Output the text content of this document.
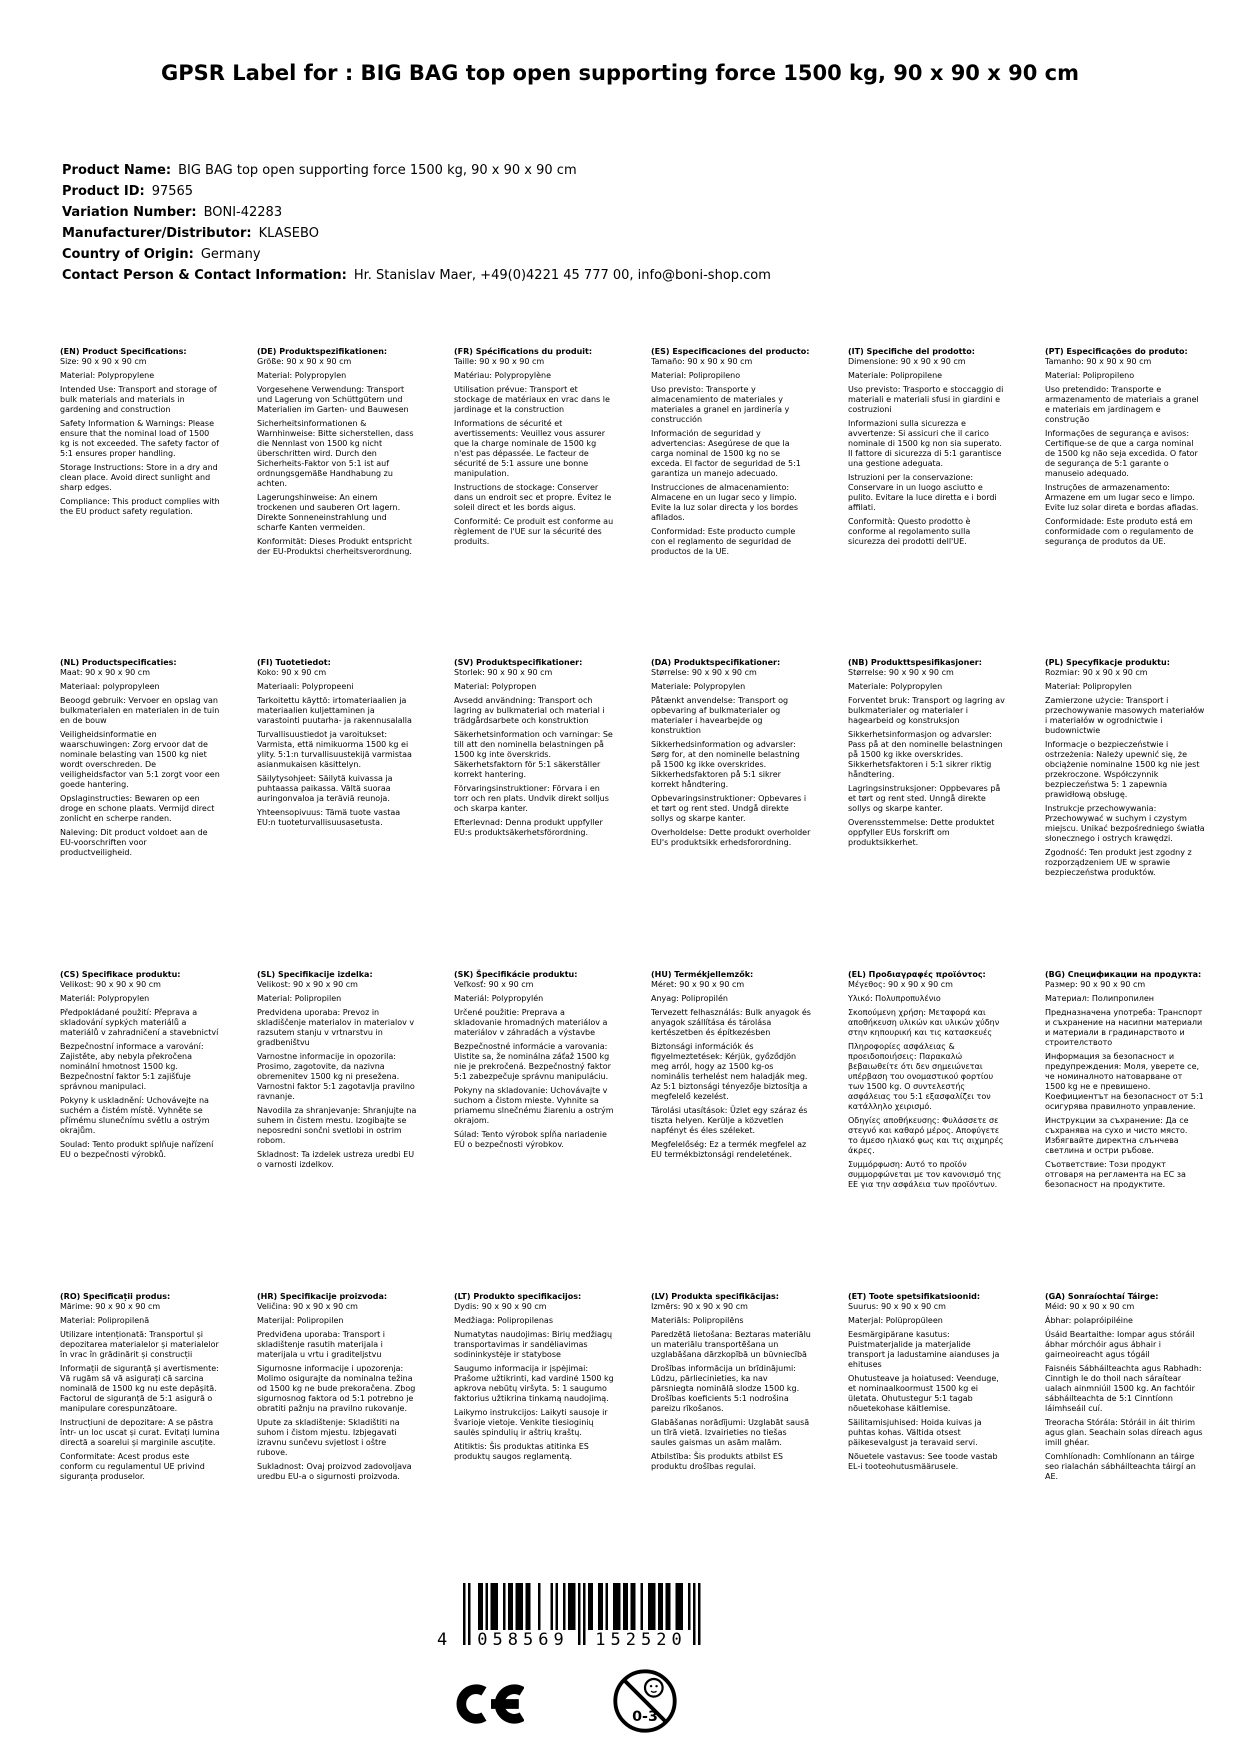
GPSR Label for : BIG BAG top open supporting force 1500 kg, 90 x 90 x 90 cm
Product Name: BIG BAG top open supporting force 1500 kg, 90 x 90 x 90 cm
Product ID: 97565
Variation Number: BONI-42283
Manufacturer/Distributor: KLASEBO
Country of Origin: Germany
Contact Person & Contact Information: Hr. Stanislav Maer, +49(0)4221 45 777 00, info@boni-shop.com
(EN) Product Specifications:

Size: 90 x 90 x 90 cm

Material: Polypropylene

Intended Use: Transport and storage of bulk materials and materials in gardening and construction

Safety Information & Warnings: Please ensure that the nominal load of 1500 kg is not exceeded. The safety factor of 5:1 ensures proper handling.

Storage Instructions: Store in a dry and clean place. Avoid direct sunlight and sharp edges.

Compliance: This product complies with the EU product safety regulation.

(DE) Produktspezifikationen:

Größe: 90 x 90 x 90 cm

Material: Polypropylen

Vorgesehene Verwendung: Transport und Lagerung von Schüttgütern und Materialien im Garten- und Bauwesen

Sicherheitsinformationen & Warnhinweise: Bitte sicherstellen, dass die Nennlast von 1500 kg nicht überschritten wird. Durch den Sicherheits-Faktor von 5:1 ist auf ordnungsgemäße Handhabung zu achten.

Lagerungshinweise: An einem trockenen und sauberen Ort lagern. Direkte Sonneneinstrahlung und scharfe Kanten vermeiden.

Konformität: Dieses Produkt entspricht der EU-Produktsi cherheitsverordnung.

(FR) Spécifications du produit:

Taille: 90 x 90 x 90 cm

Matériau: Polypropylène

Utilisation prévue: Transport et stockage de matériaux en vrac dans le jardinage et la construction

Informations de sécurité et avertissements: Veuillez vous assurer que la charge nominale de 1500 kg n'est pas dépassée. Le facteur de sécurité de 5:1 assure une bonne manipulation.

Instructions de stockage: Conserver dans un endroit sec et propre. Évitez le soleil direct et les bords aigus.

Conformité: Ce produit est conforme au règlement de l'UE sur la sécurité des produits.

(ES) Especificaciones del producto:

Tamaño: 90 x 90 x 90 cm

Material: Polipropileno

Uso previsto: Transporte y almacenamiento de materiales y materiales a granel en jardinería y construcción

Información de seguridad y advertencias: Asegúrese de que la carga nominal de 1500 kg no se exceda. El factor de seguridad de 5:1 garantiza un manejo adecuado.

Instrucciones de almacenamiento: Almacene en un lugar seco y limpio. Evite la luz solar directa y los bordes afilados.

Conformidad: Este producto cumple con el reglamento de seguridad de productos de la UE.

(IT) Specifiche del prodotto:

Dimensione: 90 x 90 x 90 cm

Materiale: Polipropilene

Uso previsto: Trasporto e stoccaggio di materiali e materiali sfusi in giardini e costruzioni

Informazioni sulla sicurezza e avvertenze: Si assicuri che il carico nominale di 1500 kg non sia superato. Il fattore di sicurezza di 5:1 garantisce una gestione adeguata.

Istruzioni per la conservazione: Conservare in un luogo asciutto e pulito. Evitare la luce diretta e i bordi affilati.

Conformità: Questo prodotto è conforme al regolamento sulla sicurezza dei prodotti dell'UE.

(PT) Especificações do produto:

Tamanho: 90 x 90 x 90 cm

Material: Polipropileno

Uso pretendido: Transporte e armazenamento de materiais a granel e materiais em jardinagem e construção

Informações de segurança e avisos: Certifique-se de que a carga nominal de 1500 kg não seja excedida. O fator de segurança de 5:1 garante o manuseio adequado.

Instruções de armazenamento: Armazene em um lugar seco e limpo. Evite luz solar direta e bordas afiadas.

Conformidade: Este produto está em conformidade com o regulamento de segurança de produtos da UE.

(NL) Productspecificaties:

Maat: 90 x 90 x 90 cm

Materiaal: polypropyleen

Beoogd gebruik: Vervoer en opslag van bulkmaterialen en materialen in de tuin en de bouw

Veiligheidsinformatie en waarschuwingen: Zorg ervoor dat de nominale belasting van 1500 kg niet wordt overschreden. De veiligheidsfactor van 5:1 zorgt voor een goede hantering.

Opslaginstructies: Bewaren op een droge en schone plaats. Vermijd direct zonlicht en scherpe randen.

Naleving: Dit product voldoet aan de EU-voorschriften voor productveiligheid.

(FI) Tuotetiedot:

Koko: 90 x 90 cm

Materiaali: Polypropeeni

Tarkoitettu käyttö: irtomateriaalien ja materiaalien kuljettaminen ja varastointi puutarha- ja rakennusalalla

Turvallisuustiedot ja varoitukset: Varmista, että nimikuorma 1500 kg ei ylity. 5:1:n turvallisuustekijä varmistaa asianmukaisen käsittelyn.

Säilytysohjeet: Säilytä kuivassa ja puhtaassa paikassa. Vältä suoraa auringonvaloa ja teräviä reunoja.

Yhteensopivuus: Tämä tuote vastaa EU:n tuoteturvallisuusasetusta.

(SV) Produktspecifikationer:

Storlek: 90 x 90 x 90 cm

Material: Polypropen

Avsedd användning: Transport och lagring av bulkmaterial och material i trädgårdsarbete och konstruktion

Säkerhetsinformation och varningar: Se till att den nominella belastningen på 1500 kg inte överskrids. Säkerhetsfaktorn för 5:1 säkerställer korrekt hantering.

Förvaringsinstruktioner: Förvara i en torr och ren plats. Undvik direkt solljus och skarpa kanter.

Efterlevnad: Denna produkt uppfyller EU:s produktsäkerhetsförordning.

(DA) Produktspecifikationer:

Størrelse: 90 x 90 x 90 cm

Materiale: Polypropylen

Påtænkt anvendelse: Transport og opbevaring af bulkmaterialer og materialer i havearbejde og konstruktion

Sikkerhedsinformation og advarsler: Sørg for, at den nominelle belastning på 1500 kg ikke overskrides. Sikkerhedsfaktoren på 5:1 sikrer korrekt håndtering.

Opbevaringsinstruktioner: Opbevares i et tørt og rent sted. Undgå direkte sollys og skarpe kanter.

Overholdelse: Dette produkt overholder EU's produktsikk erhedsforordning.

(NB) Produkttspesifikasjoner:

Størrelse: 90 x 90 x 90 cm

Materiale: Polypropylen

Forventet bruk: Transport og lagring av bulkmaterialer og materialer i hagearbeid og konstruksjon

Sikkerhetsinformasjon og advarsler: Pass på at den nominelle belastningen på 1500 kg ikke overskrides. Sikkerhetsfaktoren i 5:1 sikrer riktig håndtering.

Lagringsinstruksjoner: Oppbevares på et tørt og rent sted. Unngå direkte sollys og skarpe kanter.

Overensstemmelse: Dette produktet oppfyller EUs forskrift om produktsikkerhet.

(PL) Specyfikacje produktu:

Rozmiar: 90 x 90 x 90 cm

Materiał: Polipropylen

Zamierzone użycie: Transport i przechowywanie masowych materiałów i materiałów w ogrodnictwie i budownictwie

Informacje o bezpieczeństwie i ostrzeżenia: Należy upewnić się, że obciążenie nominalne 1500 kg nie jest przekroczone. Współczynnik bezpieczeństwa 5: 1 zapewnia prawidłową obsługę.

Instrukcje przechowywania: Przechowywać w suchym i czystym miejscu. Unikać bezpośredniego światła słonecznego i ostrych krawędzi.

Zgodność: Ten produkt jest zgodny z rozporządzeniem UE w sprawie bezpieczeństwa produktów.

(CS) Specifikace produktu:

Velikost: 90 x 90 x 90 cm

Materiál: Polypropylen

Předpokládané použití: Přeprava a skladování sypkých materiálů a materiálů v zahradničení a stavebnictví

Bezpečnostní informace a varování: Zajistěte, aby nebyla překročena nominální hmotnost 1500 kg. Bezpečnostní faktor 5:1 zajišťuje správnou manipulaci.

Pokyny k uskladnění: Uchovávejte na suchém a čistém místě. Vyhněte se přímému slunečnímu světlu a ostrým okrajům.

Soulad: Tento produkt splňuje nařízení EU o bezpečnosti výrobků.

(SL) Specifikacije izdelka:

Velikost: 90 x 90 x 90 cm

Material: Polipropilen

Predvidena uporaba: Prevoz in skladiščenje materialov in materialov v razsutem stanju v vrtnarstvu in gradbeništvu

Varnostne informacije in opozorila: Prosimo, zagotovite, da nazivna obremenitev 1500 kg ni presežena. Varnostni faktor 5:1 zagotavlja pravilno ravnanje.

Navodila za shranjevanje: Shranjujte na suhem in čistem mestu. Izogibajte se neposredni sončni svetlobi in ostrim robom.

Skladnost: Ta izdelek ustreza uredbi EU o varnosti izdelkov.

(SK) Špecifikácie produktu:

Veľkosť: 90 x 90 cm

Materiál: Polypropylén

Určené použitie: Preprava a skladovanie hromadných materiálov a materiálov v záhradách a výstavbe

Bezpečnostné informácie a varovania: Uistite sa, že nominálna záťaž 1500 kg nie je prekročená. Bezpečnostný faktor 5:1 zabezpečuje správnu manipuláciu.

Pokyny na skladovanie: Uchovávajte v suchom a čistom mieste. Vyhnite sa priamemu slnečnému žiareniu a ostrým okrajom.

Súlad: Tento výrobok spĺňa nariadenie EÚ o bezpečnosti výrobkov.

(HU) Termékjellemzők:

Méret: 90 x 90 x 90 cm

Anyag: Polipropilén

Tervezett felhasználás: Bulk anyagok és anyagok szállítása és tárolása kertészetben és építkezésben

Biztonsági információk és figyelmeztetések: Kérjük, győződjön meg arról, hogy az 1500 kg-os nominális terhelést nem haladják meg. Az 5:1 biztonsági tényezője biztosítja a megfelelő kezelést.

Tárolási utasítások: Üzlet egy száraz és tiszta helyen. Kerülje a közvetlen napfényt és éles széleket.

Megfelelőség: Ez a termék megfelel az EU termékbiztonsági rendeletének.

(EL) Προδιαγραφές προϊόντος:

Μέγεθος: 90 x 90 x 90 cm

Υλικό: Πολυπροπυλένιο

Σκοπούμενη χρήση: Μεταφορά και αποθήκευση υλικών και υλικών χύδην στην κηπουρική και τις κατασκευές

Πληροφορίες ασφάλειας & προειδοποιήσεις: Παρακαλώ βεβαιωθείτε ότι δεν σημειώνεται υπέρβαση του ονομαστικού φορτίου των 1500 kg. Ο συντελεστής ασφάλειας του 5:1 εξασφαλίζει τον κατάλληλο χειρισμό.

Οδηγίες αποθήκευσης: Φυλάσσετε σε στεγνό και καθαρό μέρος. Αποφύγετε το άμεσο ηλιακό φως και τις αιχμηρές άκρες.

Συμμόρφωση: Αυτό το προϊόν συμμορφώνεται με τον κανονισμό της ΕΕ για την ασφάλεια των προϊόντων.

(BG) Спецификации на продукта:

Размер: 90 x 90 x 90 cm

Материал: Полипропилен

Предназначена употреба: Транспорт и съхранение на насипни материали и материали в градинарството и строителството

Информация за безопасност и предупреждения: Моля, уверете се, че номиналното натоварване от 1500 kg не е превишено. Коефициентът на безопасност от 5:1 осигурява правилното управление.

Инструкции за съхранение: Да се съхранява на сухо и чисто място. Избягвайте директна слънчева светлина и остри ръбове.

Съответствие: Този продукт отговаря на регламента на ЕС за безопасност на продуктите.

(RO) Specificații produs:

Mărime: 90 x 90 x 90 cm

Material: Polipropilenă

Utilizare intenționată: Transportul și depozitarea materialelor și materialelor în vrac în grădinărit și construcții

Informații de siguranță și avertismente: Vă rugăm să vă asigurați că sarcina nominală de 1500 kg nu este depășită. Factorul de siguranță de 5:1 asigură o manipulare corespunzătoare.

Instrucțiuni de depozitare: A se păstra într- un loc uscat și curat. Evitați lumina directă a soarelui și marginile ascuțite.

Conformitate: Acest produs este conform cu regulamentul UE privind siguranța produselor.

(HR) Specifikacije proizvoda:

Veličina: 90 x 90 x 90 cm

Materijal: Polipropilen

Predviđena uporaba: Transport i skladištenje rasutih materijala i materijala u vrtu i graditeljstvu

Sigurnosne informacije i upozorenja: Molimo osigurajte da nominalna težina od 1500 kg ne bude prekoračena. Zbog sigurnosnog faktora od 5:1 potrebno je obratiti pažnju na pravilno rukovanje.

Upute za skladištenje: Skladištiti na suhom i čistom mjestu. Izbjegavati izravnu sunčevu svjetlost i oštre rubove.

Sukladnost: Ovaj proizvod zadovoljava uredbu EU-a o sigurnosti proizvoda.

(LT) Produkto specifikacijos:

Dydis: 90 x 90 x 90 cm

Medžiaga: Polipropilenas

Numatytas naudojimas: Birių medžiagų transportavimas ir sandėliavimas sodininkystėje ir statybose

Saugumo informacija ir įspėjimai: Prašome užtikrinti, kad vardinė 1500 kg apkrova nebūtų viršyta. 5: 1 saugumo faktorius užtikrina tinkamą naudojimą.

Laikymo instrukcijos: Laikyti sausoje ir švarioje vietoje. Venkite tiesioginių saulės spindulių ir aštrių kraštų.

Atitiktis: Šis produktas atitinka ES produktų saugos reglamentą.

(LV) Produkta specifikācijas:

Izmērs: 90 x 90 x 90 cm

Materiāls: Polipropilēns

Paredzētā lietošana: Beztaras materiālu un materiālu transportēšana un uzglabāšana dārzkopībā un būvniecībā

Drošības informācija un brīdinājumi: Lūdzu, pārliecinieties, ka nav pārsniegta nominālā slodze 1500 kg. Drošības koeficients 5:1 nodrošina pareizu rīkošanos.

Glabāšanas norādījumi: Uzglabāt sausā un tīrā vietā. Izvairieties no tiešas saules gaismas un asām malām.

Atbilstība: Šis produkts atbilst ES produktu drošības regulai.

(ET) Toote spetsifikatsioonid:

Suurus: 90 x 90 x 90 cm

Materjal: Polüpropüleen

Eesmärgipärane kasutus: Puistmaterjalide ja materjalide transport ja ladustamine aianduses ja ehituses

Ohutusteave ja hoiatused: Veenduge, et nominaalkoormust 1500 kg ei ületata. Ohutustegur 5:1 tagab nõuetekohase käitlemise.

Säilitamisjuhised: Hoida kuivas ja puhtas kohas. Vältida otsest päikesevalgust ja teravaid servi.

Nõuetele vastavus: See toode vastab EL-i tooteohutusmäärusele.

(GA) Sonraíochtaí Táirge:

Méid: 90 x 90 x 90 cm

Ábhar: polapróipiléine

Úsáid Beartaithe: Iompar agus stóráil ábhar mórchóir agus ábhair i gairneoireacht agus tógáil

Faisnéis Sábháilteachta agus Rabhadh: Cinntigh le do thoil nach sáraítear ualach ainmniúil 1500 kg. An fachtóir sábháilteachta de 5:1 Cinntíonn láimhseáil cuí.

Treoracha Stórála: Stóráil in áit thirim agus glan. Seachain solas díreach agus imill ghéar.

Comhlíonadh: Comhlíonann an táirge seo rialachán sábháilteachta táirgí an AE.

4	058569	152520
0-3
